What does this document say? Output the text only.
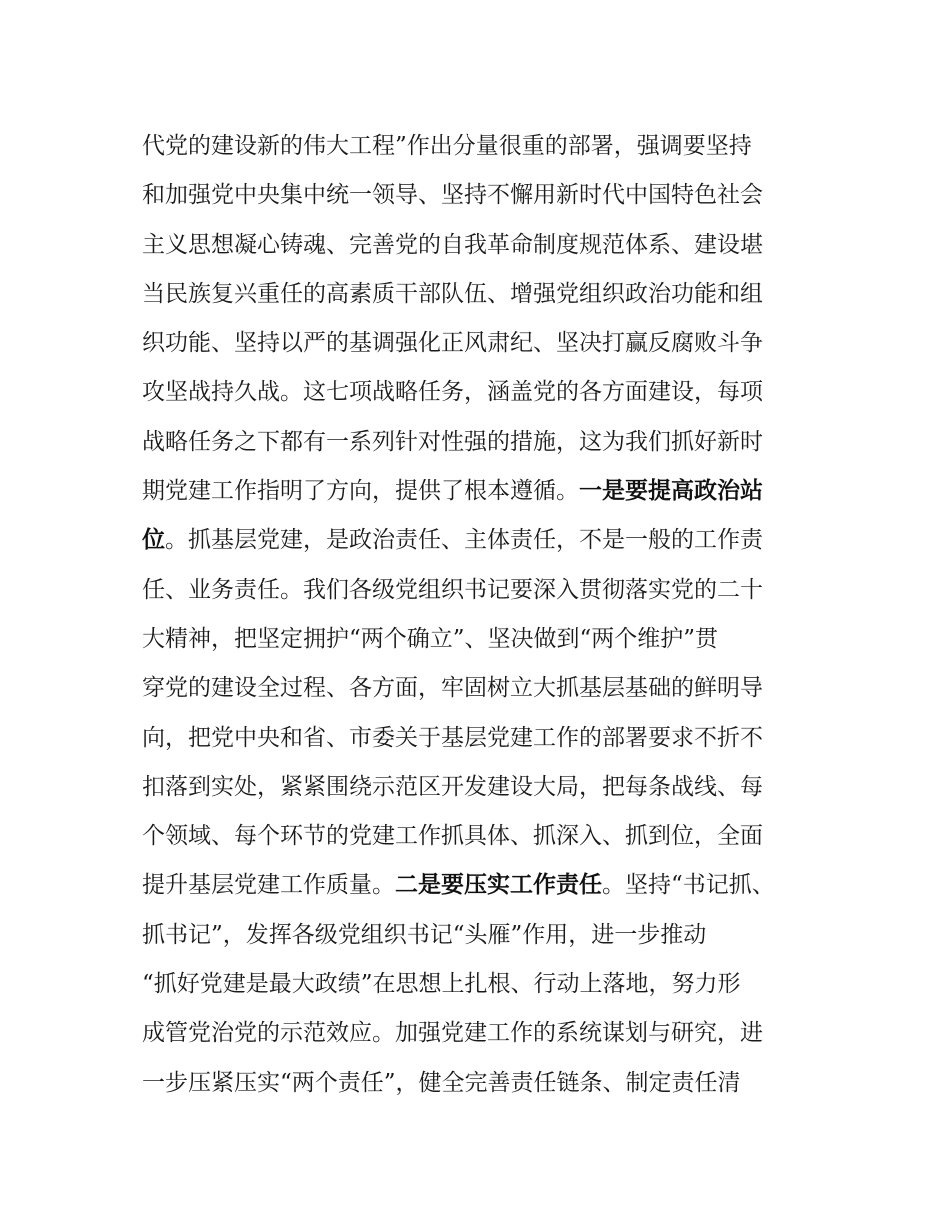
代党的建设新的伟大工程”作出分量很重的部署，强调要坚持
和加强党中央集中统一领导、坚持不懈用新时代中国特色社会
主义思想凝心铸魂、完善党的自我革命制度规范体系、建设堪
当民族复兴重任的高素质干部队伍、增强党组织政治功能和组
织功能、坚持以严的基调强化正风肃纪、坚决打赢反腐败斗争
攻坚战持久战。这七项战略任务，涵盖党的各方面建设，每项
战略任务之下都有一系列针对性强的措施，这为我们抓好新时
期党建工作指明了方向，提供了根本遵循。一是要提高政治站
位。抓基层党建，是政治责任、主体责任，不是一般的工作责
任、业务责任。我们各级党组织书记要深入贯彻落实党的二十
大精神，把坚定拥护“两个确立”、坚决做到“两个维护”贯
穿党的建设全过程、各方面，牢固树立大抓基层基础的鲜明导
向，把党中央和省、市委关于基层党建工作的部署要求不折不
扣落到实处，紧紧围绕示范区开发建设大局，把每条战线、每
个领域、每个环节的党建工作抓具体、抓深入、抓到位，全面
提升基层党建工作质量。二是要压实工作责任。坚持“书记抓、
抓书记”，发挥各级党组织书记“头雁”作用，进一步推动
“抓好党建是最大政绩”在思想上扎根、行动上落地，努力形
成管党治党的示范效应。加强党建工作的系统谋划与研究，进
一步压紧压实“两个责任”，健全完善责任链条、制定责任清
